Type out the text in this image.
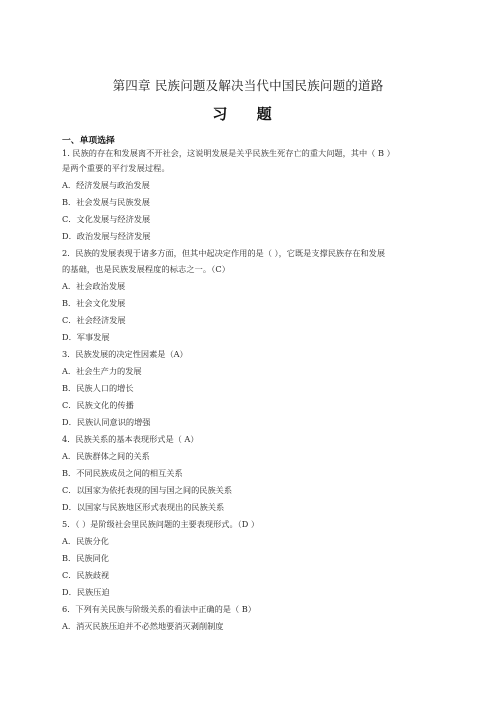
第四章 民族问题及解决当代中国民族问题的道路
习 题
一、单项选择
1. 民族的存在和发展离不开社会，这说明发展是关乎民族生死存亡的重大问题，其中（ B ）
是两个重要的平行发展过程。
A．经济发展与政治发展
B．社会发展与民族发展
C．文化发展与经济发展
D．政治发展与经济发展
2．民族的发展表现于诸多方面，但其中起决定作用的是（ ），它既是支撑民族存在和发展
的基础，也是民族发展程度的标志之一。（C）
A．社会政治发展
B．社会文化发展
C．社会经济发展
D．军事发展
3．民族发展的决定性因素是（A）
A．社会生产力的发展
B．民族人口的增长
C．民族文化的传播
D．民族认同意识的增强
4．民族关系的基本表现形式是（ A）
A．民族群体之间的关系
B．不同民族成员之间的相互关系
C．以国家为依托表现的国与国之间的民族关系
D．以国家与民族地区形式表现出的民族关系
5．（ ）是阶级社会里民族问题的主要表现形式。（D ）
A．民族分化
B．民族同化
C．民族歧视
D．民族压迫
6．下列有关民族与阶级关系的看法中正确的是（ B）
A．消灭民族压迫并不必然地要消灭剥削制度
